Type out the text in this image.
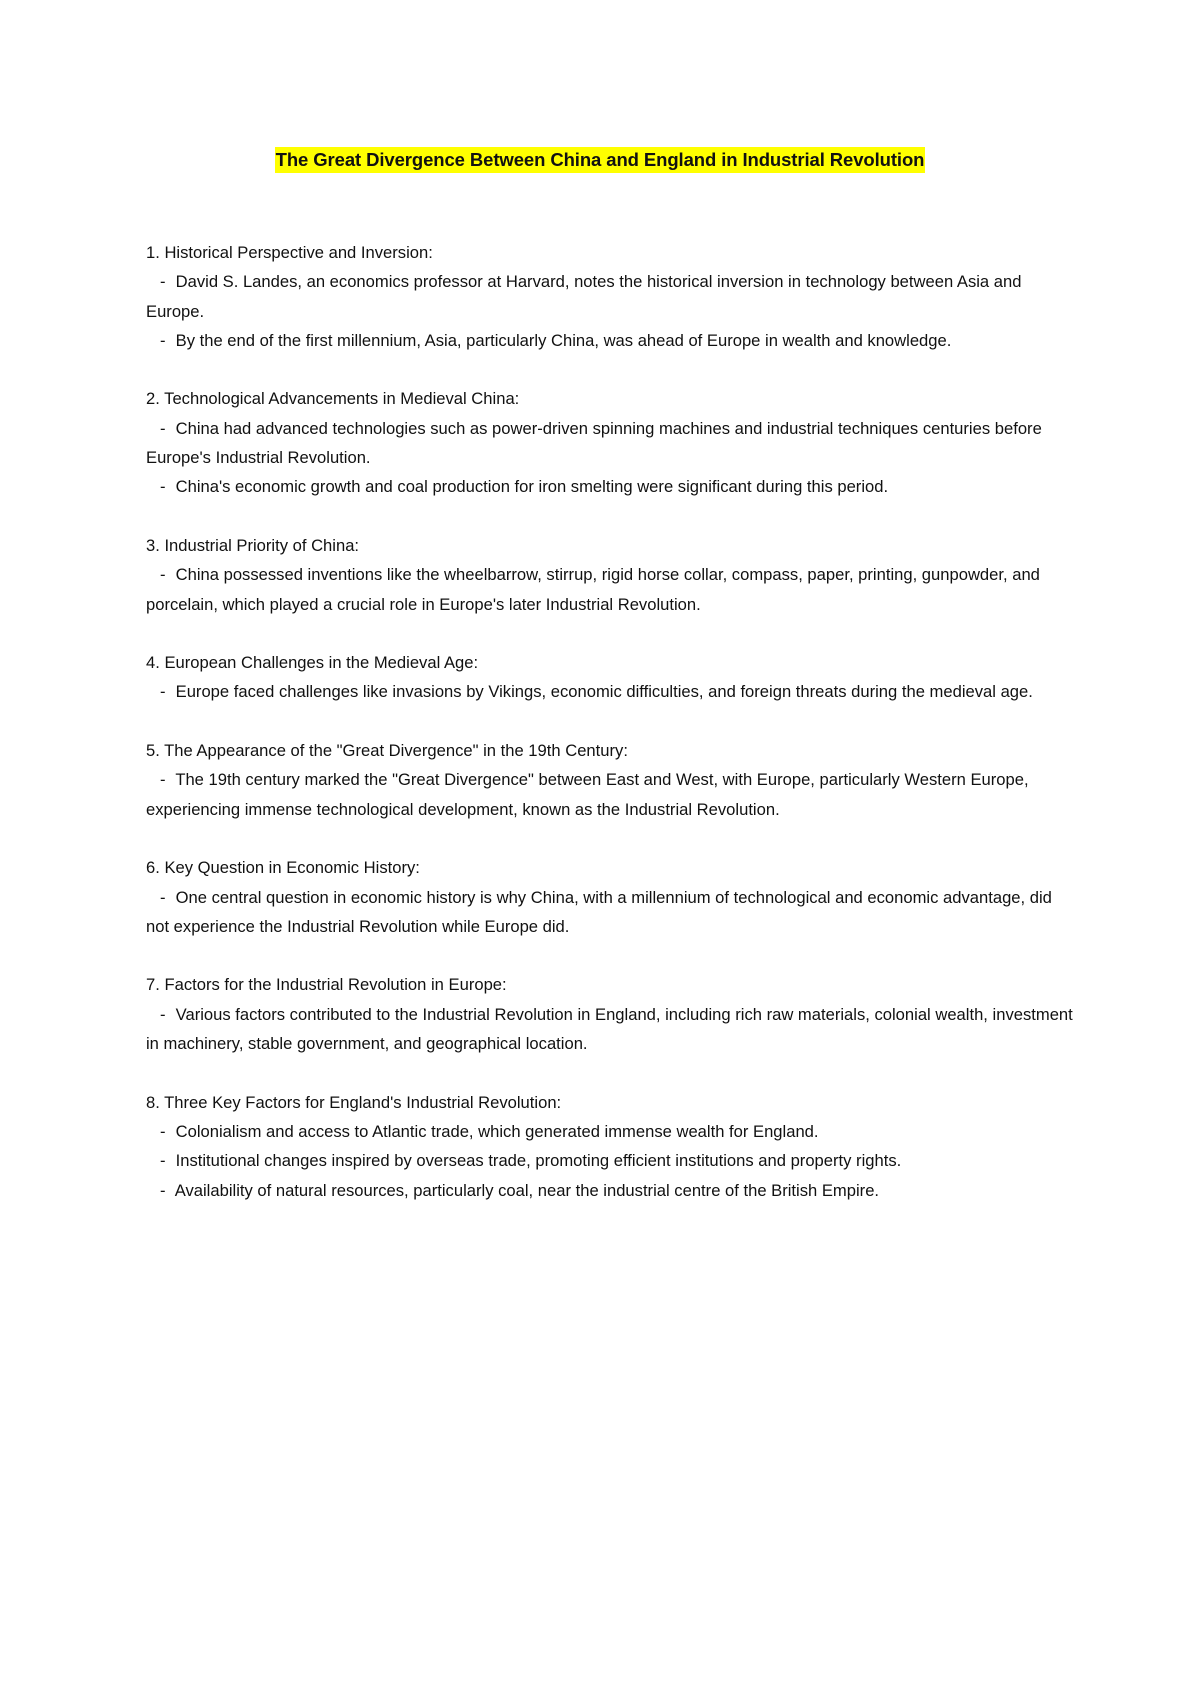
The Great Divergence Between China and England in Industrial Revolution
1. Historical Perspective and Inversion:
- David S. Landes, an economics professor at Harvard, notes the historical inversion in technology between Asia and Europe.
- By the end of the first millennium, Asia, particularly China, was ahead of Europe in wealth and knowledge.
2. Technological Advancements in Medieval China:
- China had advanced technologies such as power-driven spinning machines and industrial techniques centuries before Europe's Industrial Revolution.
- China's economic growth and coal production for iron smelting were significant during this period.
3. Industrial Priority of China:
- China possessed inventions like the wheelbarrow, stirrup, rigid horse collar, compass, paper, printing, gunpowder, and porcelain, which played a crucial role in Europe's later Industrial Revolution.
4. European Challenges in the Medieval Age:
- Europe faced challenges like invasions by Vikings, economic difficulties, and foreign threats during the medieval age.
5. The Appearance of the "Great Divergence" in the 19th Century:
- The 19th century marked the "Great Divergence" between East and West, with Europe, particularly Western Europe, experiencing immense technological development, known as the Industrial Revolution.
6. Key Question in Economic History:
- One central question in economic history is why China, with a millennium of technological and economic advantage, did not experience the Industrial Revolution while Europe did.
7. Factors for the Industrial Revolution in Europe:
- Various factors contributed to the Industrial Revolution in England, including rich raw materials, colonial wealth, investment in machinery, stable government, and geographical location.
8. Three Key Factors for England's Industrial Revolution:
- Colonialism and access to Atlantic trade, which generated immense wealth for England.
- Institutional changes inspired by overseas trade, promoting efficient institutions and property rights.
- Availability of natural resources, particularly coal, near the industrial centre of the British Empire.
